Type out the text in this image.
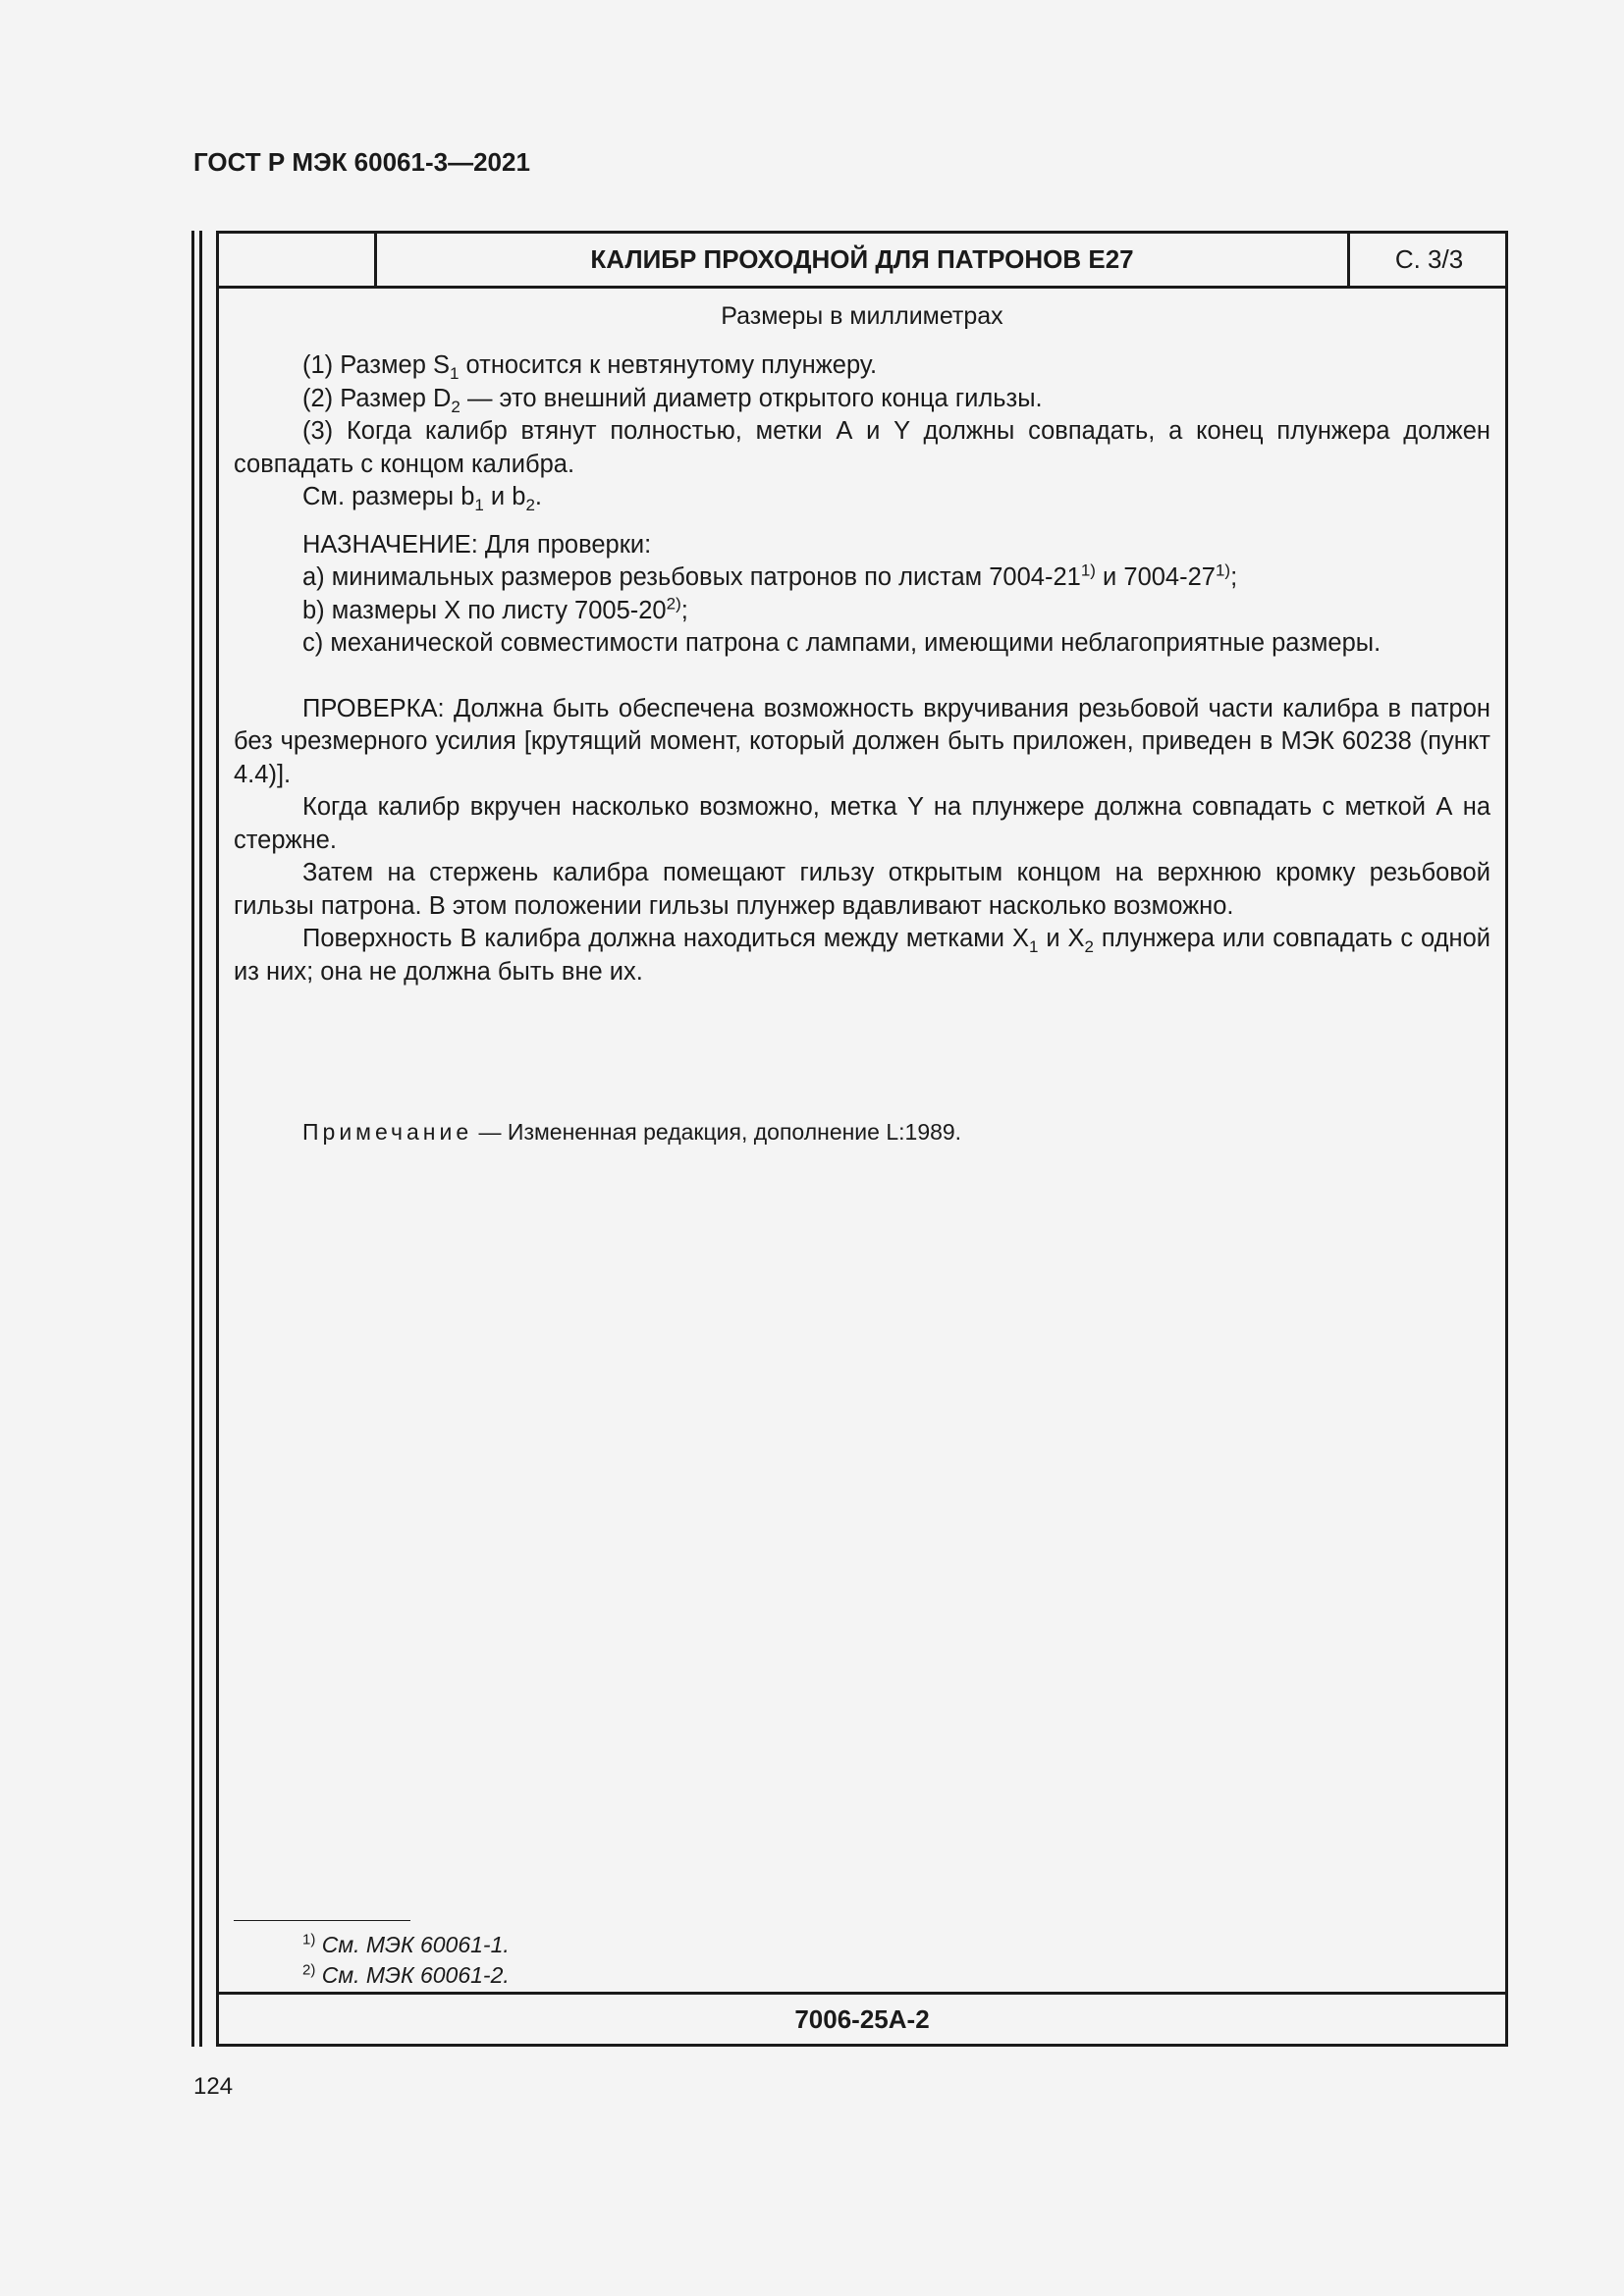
ГОСТ Р МЭК 60061-3—2021
КАЛИБР ПРОХОДНОЙ ДЛЯ ПАТРОНОВ Е27	С. 3/3
Размеры в миллиметрах

(1) Размер $S_1$ относится к невтянутому плунжеру.

(2) Размер $D_2$ — это внешний диаметр открытого конца гильзы.

(3) Когда калибр втянут полностью, метки А и Y должны совпадать, а конец плунжера должен совпадать с концом калибра.

См. размеры $b_1$ и $b_2$.

НАЗНАЧЕНИЕ: Для проверки:

a) минимальных размеров резьбовых патронов по листам 7004-21$^{1)}$ и 7004-27$^{1)}$;

b) мазмеры X по листу 7005-20$^{2)}$;

c) механической совместимости патрона с лампами, имеющими неблагоприятные размеры.

ПРОВЕРКА: Должна быть обеспечена возможность вкручивания резьбовой части калибра в патрон без чрезмерного усилия [крутящий момент, который должен быть приложен, приведен в МЭК 60238 (пункт 4.4)].

Когда калибр вкручен насколько возможно, метка Y на плунжере должна совпадать с меткой А на стержне.

Затем на стержень калибра помещают гильзу открытым концом на верхнюю кромку резьбовой гильзы патрона. В этом положении гильзы плунжер вдавливают насколько возможно.

Поверхность В калибра должна находиться между метками $X_1$ и $X_2$ плунжера или совпадать с одной из них; она не должна быть вне их.

Примечание — Измененная редакция, дополнение L:1989.
$^{1)}$ См. МЭК 60061-1.
$^{2)}$ См. МЭК 60061-2.
7006-25А-2
124
